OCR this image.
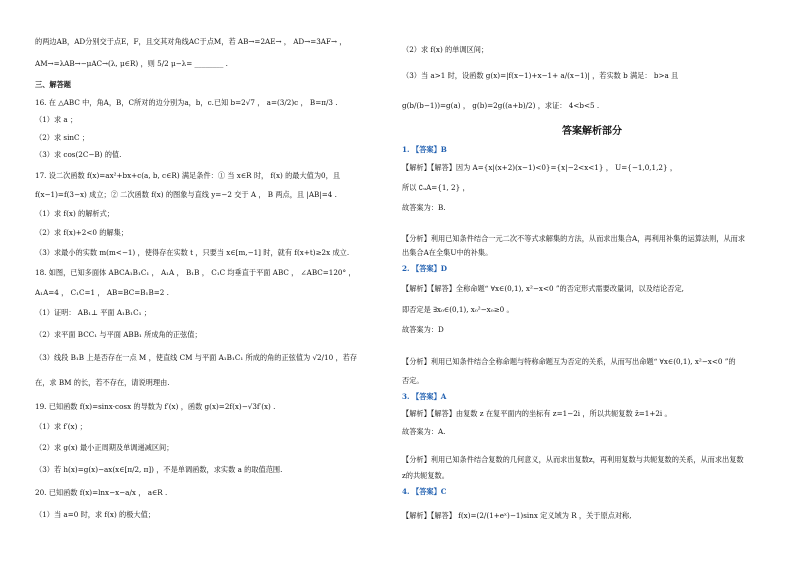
的两边AB，AD分别交于点E，F，且交其对角线AC于点M，若 AB→=2AE→ ， AD→=3AF→ ，
AM→=λAB→−μAC→(λ, μ∈R) ，则 5/2 μ−λ= ________ .
三、解答题
16. 在 △ABC 中，角A，B，C所对的边分别为a，b，c.已知 b=2√7 ， a=(3/2)c ， B=π/3 .
（1）求 a ；
（2）求 sinC ；
（3）求 cos(2C−B) 的值.
17. 设二次函数 f(x)=ax²+bx+c(a, b, c∈R) 满足条件：① 当 x∈R 时， f(x) 的最大值为0，且
f(x−1)=f(3−x) 成立；② 二次函数 f(x) 的图象与直线 y=−2 交于 A ， B 两点，且 |AB|=4 .
（1）求 f(x) 的解析式；
（2）求 f(x)+2<0 的解集；
（3）求最小的实数 m(m<−1) ，使得存在实数 t ，只要当 x∈[m,−1] 时，就有 f(x+t)≥2x 成立.
18. 如图，已知多面体 ABCA₁B₁C₁ ， A₁A ， B₁B ， C₁C 均垂直于平面 ABC ， ∠ABC=120° ，
A₁A=4 ， C₁C=1 ， AB=BC=B₁B=2 .
（1）证明： AB₁⊥ 平面 A₁B₁C₁ ；
（2）求平面 BCC₁ 与平面 ABB₁ 所成角的正弦值；
（3）线段 B₁B 上是否存在一点 M ，使直线 CM 与平面 A₁B₁C₁ 所成的角的正弦值为 √2/10 ，若存
在，求 BM 的长，若不存在，请说明理由.
19. 已知函数 f(x)=sinx·cosx 的导数为 f′(x) ，函数 g(x)=2f(x)−√3f′(x) .
（1）求 f′(x) ；
（2）求 g(x) 最小正周期及单调递减区间；
（3）若 h(x)=g(x)−ax(x∈[π/2, π]) ，不是单调函数，求实数 a 的取值范围.
20. 已知函数 f(x)=lnx−x−a/x ， a∈R .
（1）当 a=0 时，求 f(x) 的极大值；
（2）求 f(x) 的单调区间；
（3）当 a>1 时，设函数 g(x)=|f(x−1)+x−1+ a/(x−1)| ，若实数 b 满足： b>a 且
g(b/(b−1))=g(a) ， g(b)=2g((a+b)/2) ，求证： 4<b<5 .
答案解析部分
1. 【答案】B
【解析】【解答】因为 A={x|(x+2)(x−1)<0}={x|−2<x<1} ， U={−1,0,1,2} ，
所以 ∁ᵤA={1, 2} ，
故答案为：B.
【分析】利用已知条件结合一元二次不等式求解集的方法，从而求出集合A，再利用补集的运算法则，从而求
出集合A在全集U中的补集。
2. 【答案】D
【解析】【解答】全称命题“ ∀x∈(0,1), x²−x<0 ”的否定形式需要改量词，以及结论否定,
即否定是 ∃x₀∈(0,1), x₀²−x₀≥0 。
故答案为：D
【分析】利用已知条件结合全称命题与特称命题互为否定的关系，从而写出命题“ ∀x∈(0,1), x²−x<0 ”的
否定。
3. 【答案】A
【解析】【解答】由复数 z 在复平面内的坐标有 z=1−2i ，所以共轭复数 z̄=1+2i 。
故答案为：A.
【分析】利用已知条件结合复数的几何意义，从而求出复数z，再利用复数与共轭复数的关系，从而求出复数
z的共轭复数。
4. 【答案】C
【解析】【解答】 f(x)=(2/(1+eˣ)−1)sinx 定义域为 R ，关于原点对称,
